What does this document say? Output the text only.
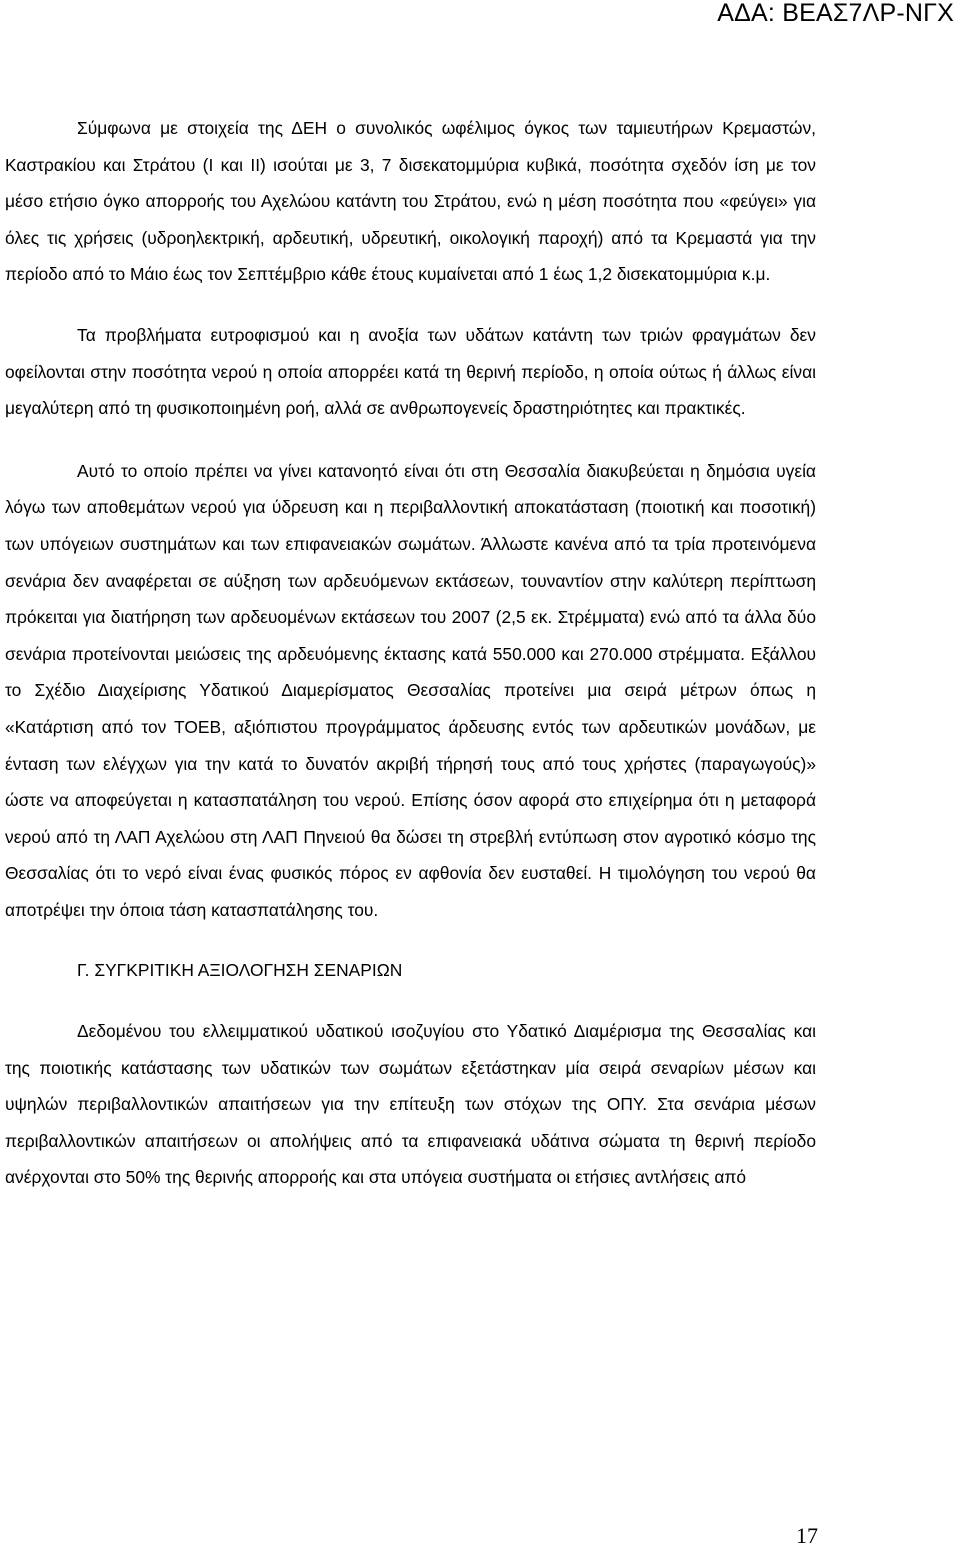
ΑΔΑ: ΒΕΑΣ7ΛΡ-ΝΓΧ

Σύμφωνα με στοιχεία της ΔΕΗ ο συνολικός ωφέλιμος όγκος των ταμιευτήρων Κρεμαστών, Καστρακίου και Στράτου (Ι και ΙΙ) ισούται με 3, 7 δισεκατομμύρια κυβικά, ποσότητα σχεδόν ίση με τον μέσο ετήσιο όγκο απορροής του Αχελώου κατάντη του Στράτου, ενώ η μέση ποσότητα που «φεύγει» για όλες τις χρήσεις (υδροηλεκτρική, αρδευτική, υδρευτική, οικολογική παροχή) από τα Κρεμαστά για την περίοδο από το Μάιο έως τον Σεπτέμβριο κάθε έτους κυμαίνεται από 1 έως 1,2 δισεκατομμύρια κ.μ.

Τα προβλήματα ευτροφισμού και η ανοξία των υδάτων κατάντη των τριών φραγμάτων δεν οφείλονται στην ποσότητα νερού η οποία απορρέει κατά τη θερινή περίοδο, η οποία ούτως ή άλλως είναι μεγαλύτερη από τη φυσικοποιημένη ροή, αλλά σε ανθρωπογενείς δραστηριότητες και πρακτικές.

Αυτό το οποίο πρέπει να γίνει κατανοητό είναι ότι στη Θεσσαλία διακυβεύεται η δημόσια υγεία λόγω των αποθεμάτων νερού για ύδρευση και η περιβαλλοντική αποκατάσταση (ποιοτική και ποσοτική) των υπόγειων συστημάτων και των επιφανειακών σωμάτων. Άλλωστε κανένα από τα τρία προτεινόμενα σενάρια δεν αναφέρεται σε αύξηση των αρδευόμενων εκτάσεων, τουναντίον στην καλύτερη περίπτωση πρόκειται για διατήρηση των αρδευομένων εκτάσεων του 2007 (2,5 εκ. Στρέμματα) ενώ από τα άλλα δύο σενάρια προτείνονται μειώσεις της αρδευόμενης έκτασης κατά 550.000 και 270.000 στρέμματα. Εξάλλου το Σχέδιο Διαχείρισης Υδατικού Διαμερίσματος Θεσσαλίας προτείνει μια σειρά μέτρων όπως η «Κατάρτιση από τον ΤΟΕΒ, αξιόπιστου προγράμματος άρδευσης εντός των αρδευτικών μονάδων, με ένταση των ελέγχων για την κατά το δυνατόν ακριβή τήρησή τους από τους χρήστες (παραγωγούς)» ώστε να αποφεύγεται η κατασπατάληση του νερού. Επίσης όσον αφορά στο επιχείρημα ότι η μεταφορά νερού από τη ΛΑΠ Αχελώου στη ΛΑΠ Πηνειού θα δώσει τη στρεβλή εντύπωση στον αγροτικό κόσμο της Θεσσαλίας ότι το νερό είναι ένας φυσικός πόρος εν αφθονία δεν ευσταθεί. Η τιμολόγηση του νερού θα αποτρέψει την όποια τάση κατασπατάλησης του.

Γ. ΣΥΓΚΡΙΤΙΚΗ ΑΞΙΟΛΟΓΗΣΗ ΣΕΝΑΡΙΩΝ

Δεδομένου του ελλειμματικού υδατικού ισοζυγίου στο Υδατικό Διαμέρισμα της Θεσσαλίας και της ποιοτικής κατάστασης των υδατικών των σωμάτων εξετάστηκαν μία σειρά σεναρίων μέσων και υψηλών περιβαλλοντικών απαιτήσεων για την επίτευξη των στόχων της ΟΠΥ. Στα σενάρια μέσων περιβαλλοντικών απαιτήσεων οι απολήψεις από τα επιφανειακά υδάτινα σώματα τη θερινή περίοδο ανέρχονται στο 50% της θερινής απορροής και στα υπόγεια συστήματα οι ετήσιες αντλήσεις από

17
